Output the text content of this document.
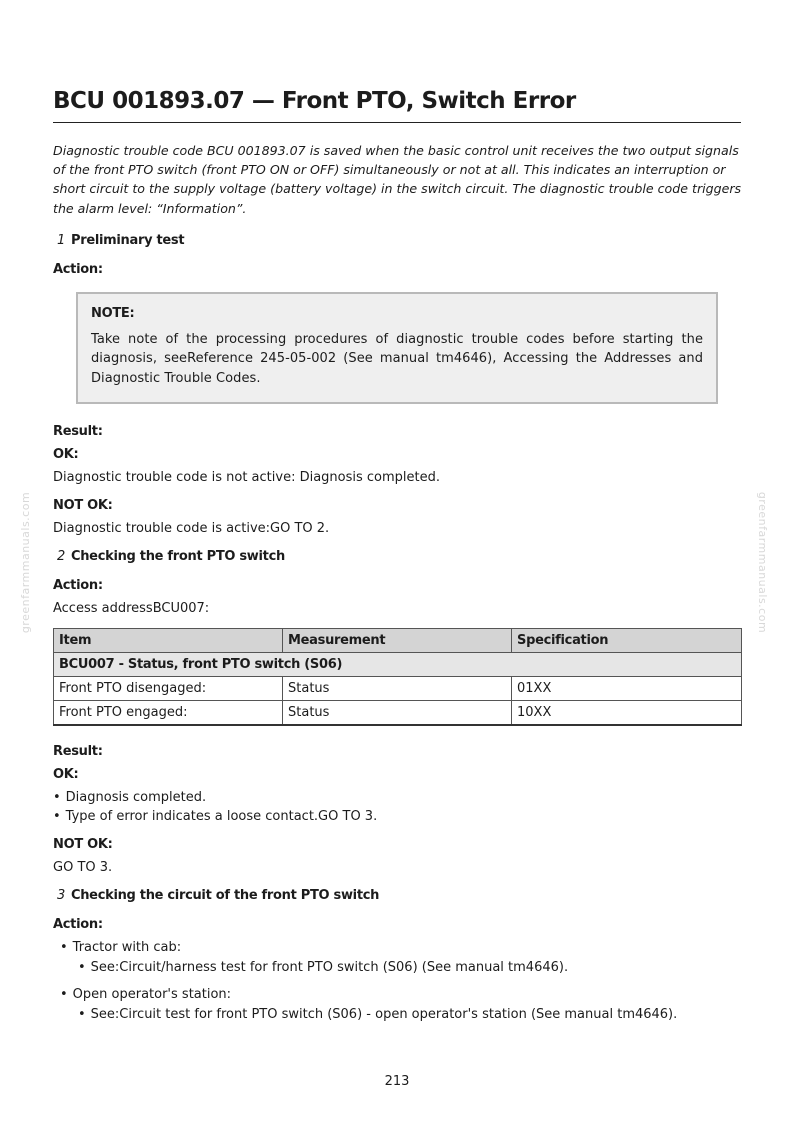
BCU 001893.07 — Front PTO, Switch Error

Diagnostic trouble code BCU 001893.07 is saved when the basic control unit receives the two output signals of the front PTO switch (front PTO ON or OFF) simultaneously or not at all. This indicates an interruption or short circuit to the supply voltage (battery voltage) in the switch circuit. The diagnostic trouble code triggers the alarm level: “Information”.

1 Preliminary test
Action:
NOTE:

Take note of the processing procedures of diagnostic trouble codes before starting the diagnosis, seeReference 245-05-002 (See manual tm4646), Accessing the Addresses and Diagnostic Trouble Codes.

Result:
OK:
Diagnostic trouble code is not active: Diagnosis completed.
NOT OK:
Diagnostic trouble code is active:GO TO 2.
2 Checking the front PTO switch
Action:
Access addressBCU007:
Item	Measurement	Specification
BCU007 - Status, front PTO switch (S06)		
Front PTO disengaged:	Status	01XX
Front PTO engaged:	Status	10XX
Result:
OK:
• Diagnosis completed.
• Type of error indicates a loose contact.GO TO 3.
NOT OK:
GO TO 3.
3 Checking the circuit of the front PTO switch
Action:
• Tractor with cab:
• See:Circuit/harness test for front PTO switch (S06) (See manual tm4646).
• Open operator's station:
• See:Circuit test for front PTO switch (S06) - open operator's station (See manual tm4646).
greenfarmmanuals.com	greenfarmmanuals.com
213
